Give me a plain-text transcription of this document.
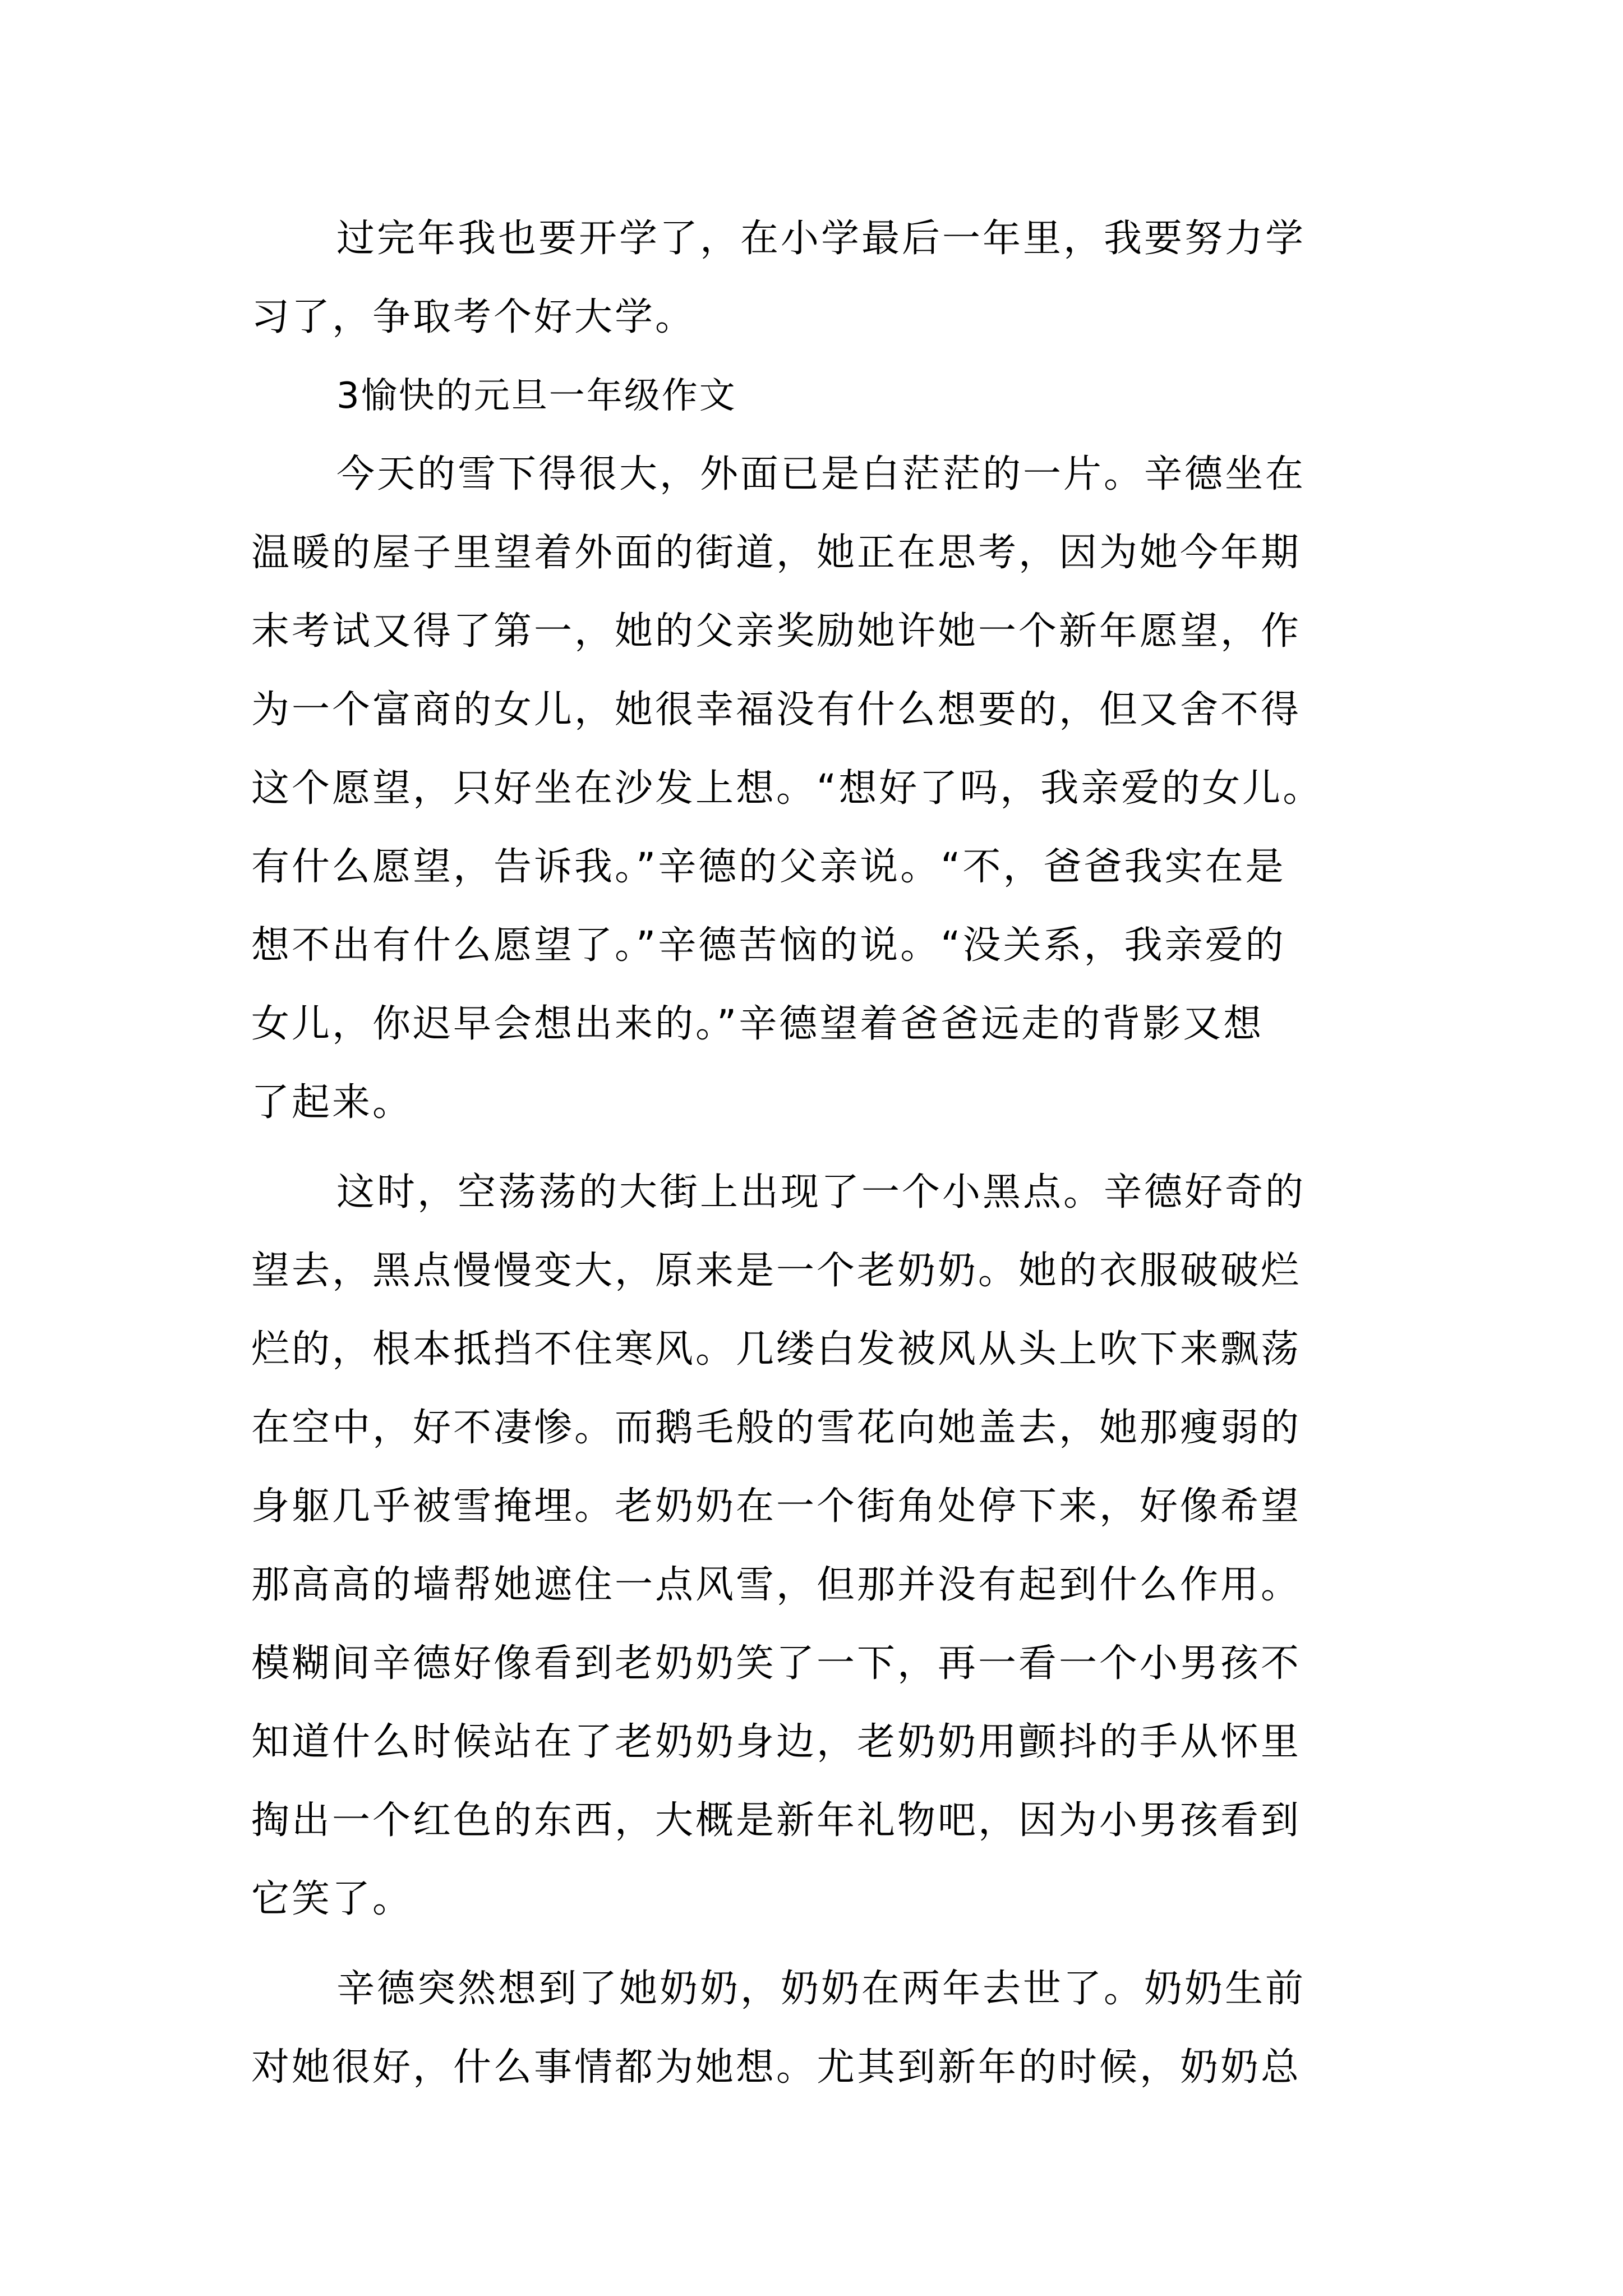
过完年我也要开学了，在小学最后一年里，我要努力学
习了，争取考个好大学。
3愉快的元旦一年级作文
今天的雪下得很大，外面已是白茫茫的一片。辛德坐在
温暖的屋子里望着外面的街道，她正在思考，因为她今年期
末考试又得了第一，她的父亲奖励她许她一个新年愿望，作
为一个富商的女儿，她很幸福没有什么想要的，但又舍不得
这个愿望，只好坐在沙发上想。“想好了吗，我亲爱的女儿。
有什么愿望，告诉我。”辛德的父亲说。“不，爸爸我实在是
想不出有什么愿望了。”辛德苦恼的说。“没关系，我亲爱的
女儿，你迟早会想出来的。”辛德望着爸爸远走的背影又想
了起来。
这时，空荡荡的大街上出现了一个小黑点。辛德好奇的
望去，黑点慢慢变大，原来是一个老奶奶。她的衣服破破烂
烂的，根本抵挡不住寒风。几缕白发被风从头上吹下来飘荡
在空中，好不凄惨。而鹅毛般的雪花向她盖去，她那瘦弱的
身躯几乎被雪掩埋。老奶奶在一个街角处停下来，好像希望
那高高的墙帮她遮住一点风雪，但那并没有起到什么作用。
模糊间辛德好像看到老奶奶笑了一下，再一看一个小男孩不
知道什么时候站在了老奶奶身边，老奶奶用颤抖的手从怀里
掏出一个红色的东西，大概是新年礼物吧，因为小男孩看到
它笑了。
辛德突然想到了她奶奶，奶奶在两年去世了。奶奶生前
对她很好，什么事情都为她想。尤其到新年的时候，奶奶总
